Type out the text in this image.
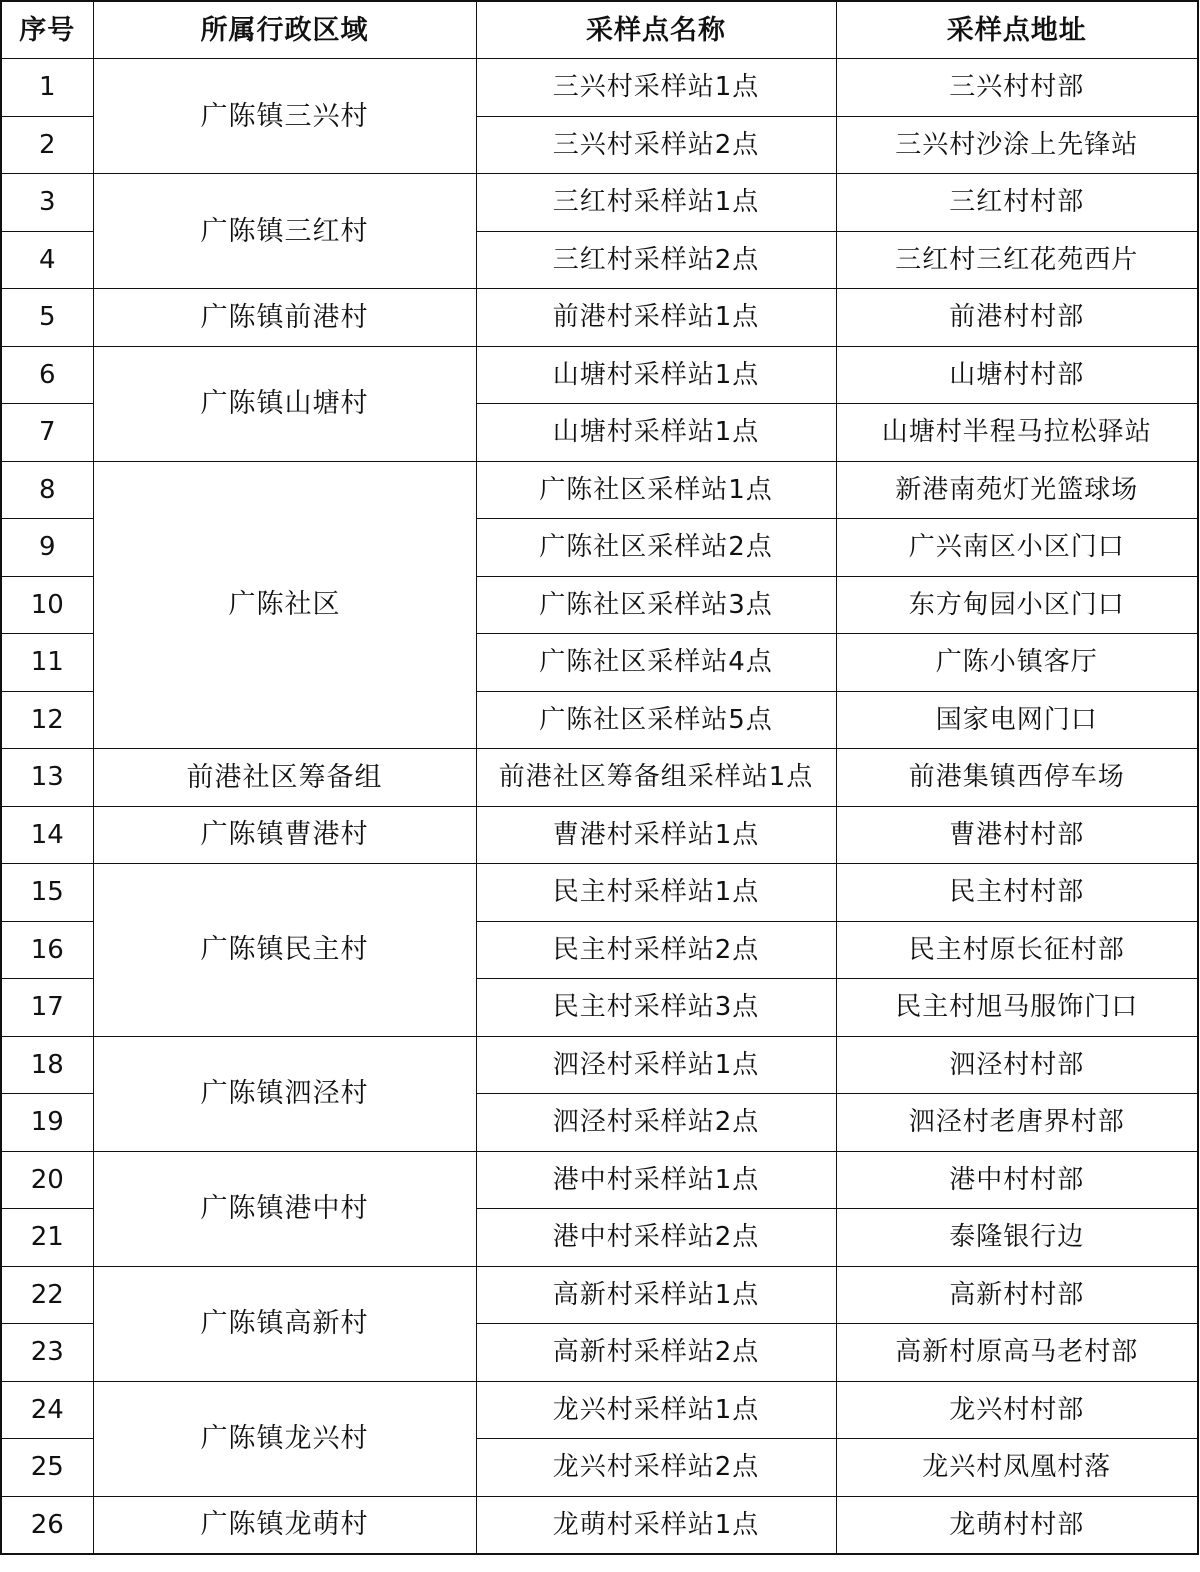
序号	所属行政区域	采样点名称	采样点地址
1	广陈镇三兴村	三兴村采样站1点	三兴村村部
2		三兴村采样站2点	三兴村沙涂上先锋站
3	广陈镇三红村	三红村采样站1点	三红村村部
4		三红村采样站2点	三红村三红花苑西片
5	广陈镇前港村	前港村采样站1点	前港村村部
6	广陈镇山塘村	山塘村采样站1点	山塘村村部
7		山塘村采样站1点	山塘村半程马拉松驿站
8	广陈社区	广陈社区采样站1点	新港南苑灯光篮球场
9		广陈社区采样站2点	广兴南区小区门口
10		广陈社区采样站3点	东方甸园小区门口
11		广陈社区采样站4点	广陈小镇客厅
12		广陈社区采样站5点	国家电网门口
13	前港社区筹备组	前港社区筹备组采样站1点	前港集镇西停车场
14	广陈镇曹港村	曹港村采样站1点	曹港村村部
15	广陈镇民主村	民主村采样站1点	民主村村部
16		民主村采样站2点	民主村原长征村部
17		民主村采样站3点	民主村旭马服饰门口
18	广陈镇泗泾村	泗泾村采样站1点	泗泾村村部
19		泗泾村采样站2点	泗泾村老唐界村部
20	广陈镇港中村	港中村采样站1点	港中村村部
21		港中村采样站2点	泰隆银行边
22	广陈镇高新村	高新村采样站1点	高新村村部
23		高新村采样站2点	高新村原高马老村部
24	广陈镇龙兴村	龙兴村采样站1点	龙兴村村部
25		龙兴村采样站2点	龙兴村凤凰村落
26	广陈镇龙萌村	龙萌村采样站1点	龙萌村村部
